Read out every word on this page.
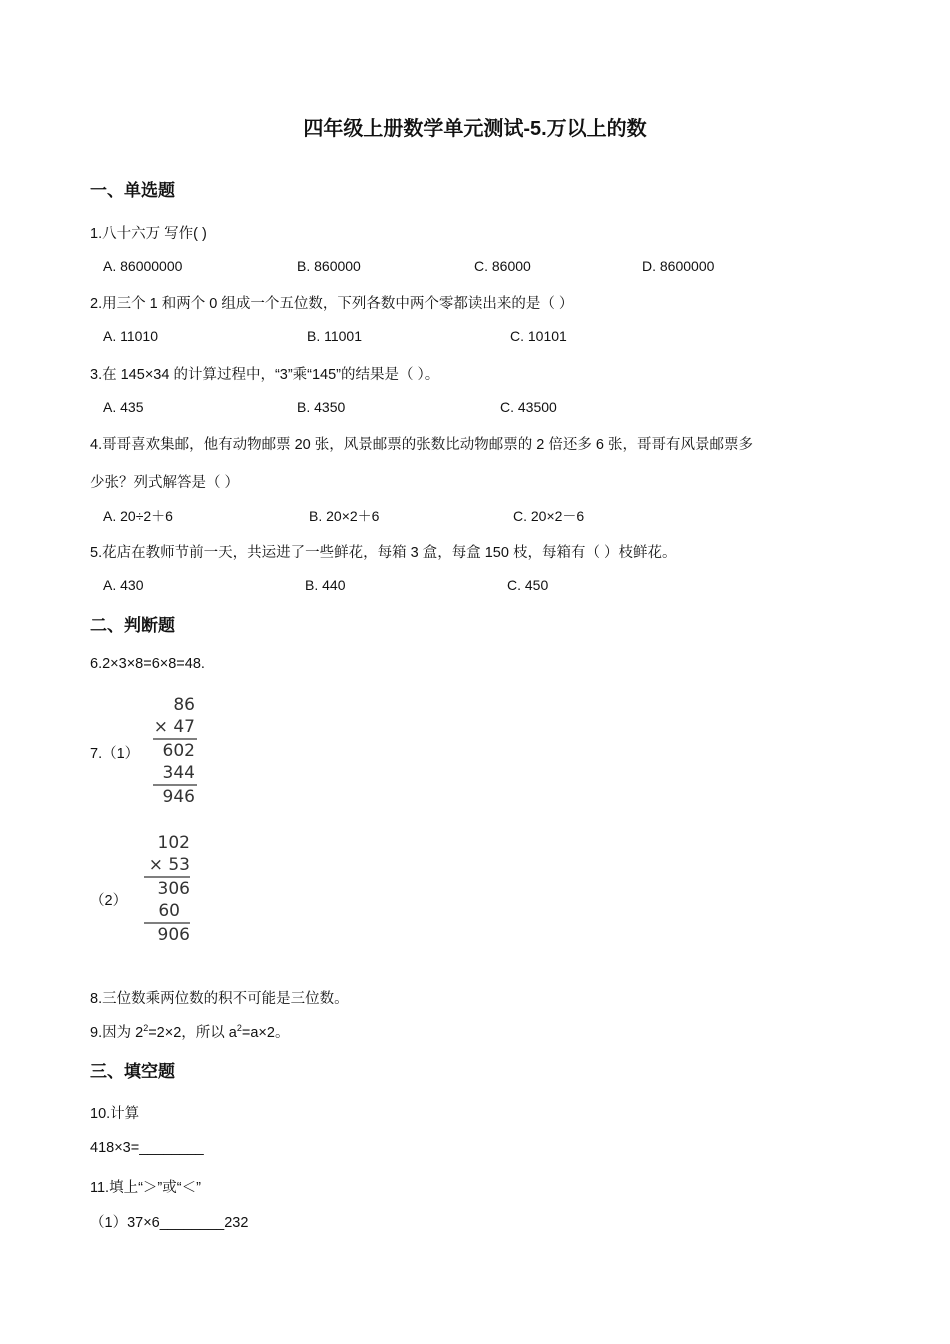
四年级上册数学单元测试-5.万以上的数
一、单选题
1.八十六万 写作( )
A. 86000000	B. 860000	C. 86000	D. 8600000
2.用三个 1 和两个 0 组成一个五位数，下列各数中两个零都读出来的是（ ）
A. 11010	B. 11001	C. 10101
3.在 145×34 的计算过程中，“3”乘“145”的结果是（ ）。
A. 435	B. 4350	C. 43500
4.哥哥喜欢集邮，他有动物邮票 20 张，风景邮票的张数比动物邮票的 2 倍还多 6 张，哥哥有风景邮票多
少张？列式解答是（ ）
A. 20÷2＋6	B. 20×2＋6	C. 20×2－6
5.花店在教师节前一天，共运进了一些鲜花，每箱 3 盒，每盒 150 枝，每箱有（ ）枝鲜花。
A. 430	B. 440	C. 450
二、判断题
6.2×3×8=6×8=48.
7.（1）
86
× 47
602
344
946
（2）
102
× 53
306
60
906
8.三位数乘两位数的积不可能是三位数。
9.因为 $2^2=2\times 2$，所以 $a^2=a\times 2$。
三、填空题
10.计算
418×3=________
11.填上“＞”或“＜”
（1）37×6________232
